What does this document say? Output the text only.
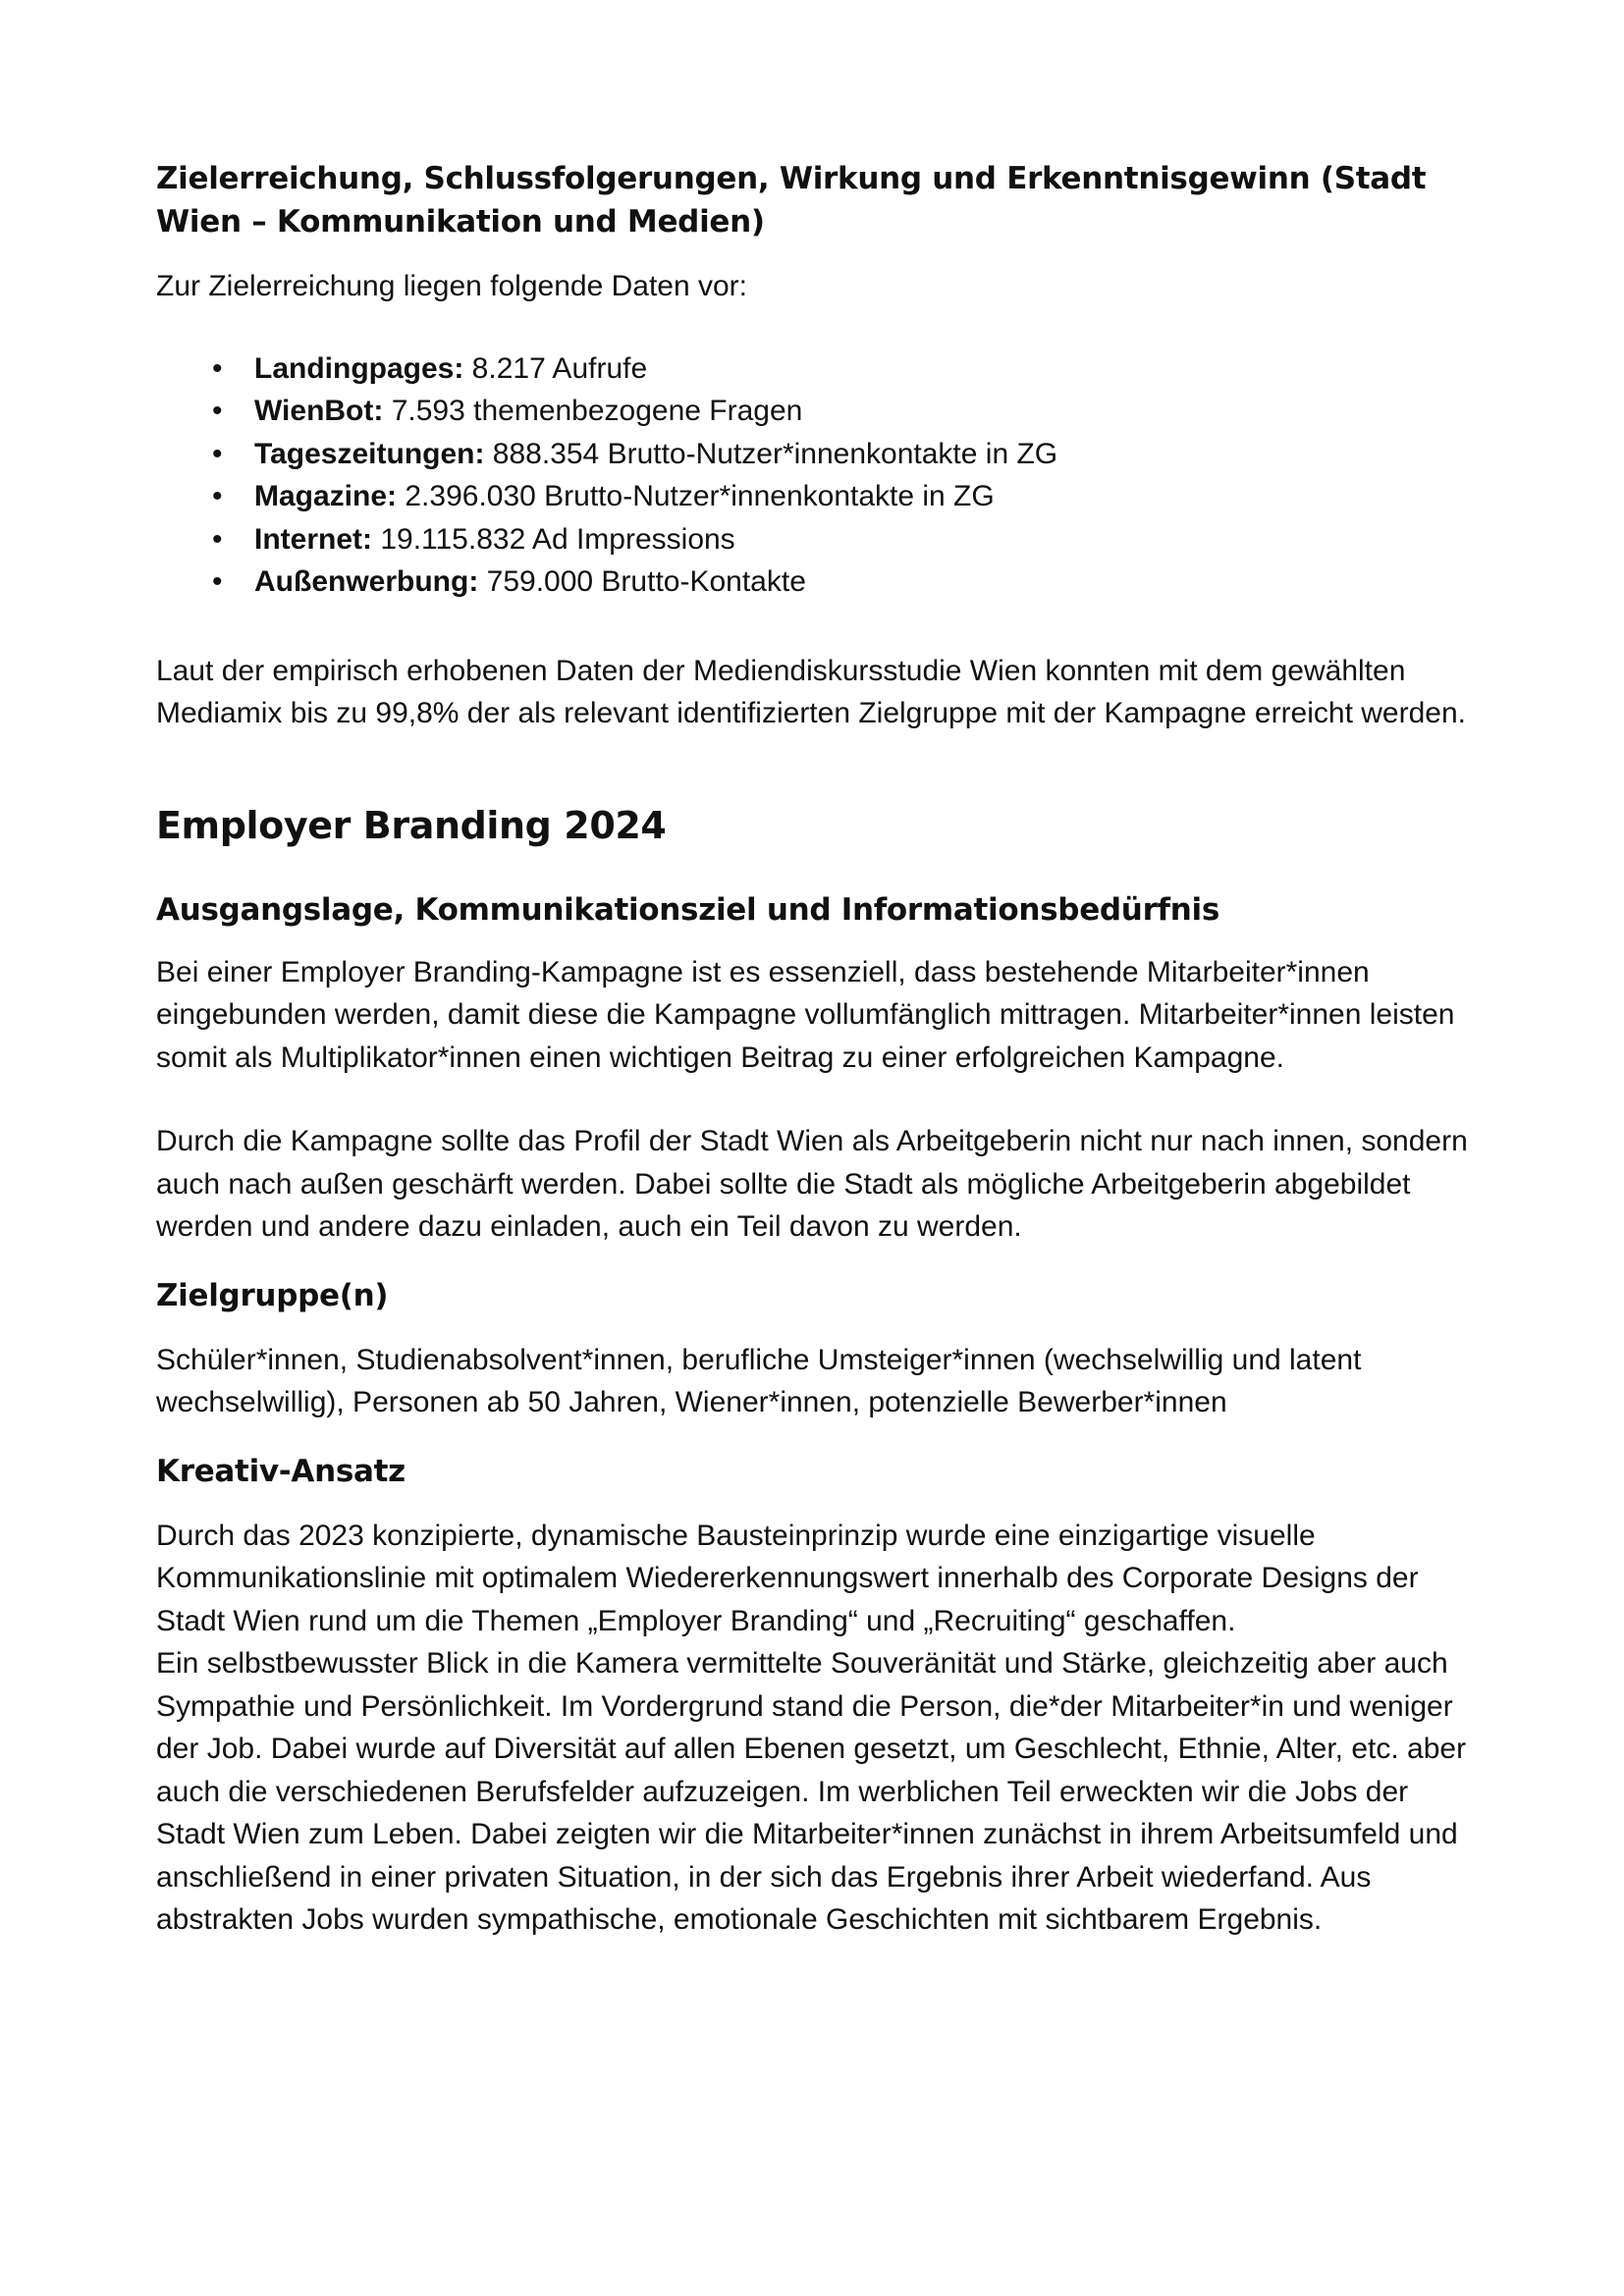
Zielerreichung, Schlussfolgerungen, Wirkung und Erkenntnisgewinn (Stadt Wien – Kommunikation und Medien)

Zur Zielerreichung liegen folgende Daten vor:

• Landingpages: 8.217 Aufrufe
• WienBot: 7.593 themenbezogene Fragen
• Tageszeitungen: 888.354 Brutto-Nutzer*innenkontakte in ZG
• Magazine: 2.396.030 Brutto-Nutzer*innenkontakte in ZG
• Internet: 19.115.832 Ad Impressions
• Außenwerbung: 759.000 Brutto-Kontakte

Laut der empirisch erhobenen Daten der Mediendiskursstudie Wien konnten mit dem gewählten Mediamix bis zu 99,8% der als relevant identifizierten Zielgruppe mit der Kampagne erreicht werden.

Employer Branding 2024
Ausgangslage, Kommunikationsziel und Informationsbedürfnis

Bei einer Employer Branding-Kampagne ist es essenziell, dass bestehende Mitarbeiter*innen eingebunden werden, damit diese die Kampagne vollumfänglich mittragen. Mitarbeiter*innen leisten somit als Multiplikator*innen einen wichtigen Beitrag zu einer erfolgreichen Kampagne.

Durch die Kampagne sollte das Profil der Stadt Wien als Arbeitgeberin nicht nur nach innen, sondern auch nach außen geschärft werden. Dabei sollte die Stadt als mögliche Arbeitgeberin abgebildet werden und andere dazu einladen, auch ein Teil davon zu werden.

Zielgruppe(n)

Schüler*innen, Studienabsolvent*innen, berufliche Umsteiger*innen (wechselwillig und latent wechselwillig), Personen ab 50 Jahren, Wiener*innen, potenzielle Bewerber*innen

Kreativ-Ansatz

Durch das 2023 konzipierte, dynamische Bausteinprinzip wurde eine einzigartige visuelle Kommunikationslinie mit optimalem Wiedererkennungswert innerhalb des Corporate Designs der Stadt Wien rund um die Themen „Employer Branding“ und „Recruiting“ geschaffen.

Ein selbstbewusster Blick in die Kamera vermittelte Souveränität und Stärke, gleichzeitig aber auch Sympathie und Persönlichkeit. Im Vordergrund stand die Person, die*der Mitarbeiter*in und weniger der Job. Dabei wurde auf Diversität auf allen Ebenen gesetzt, um Geschlecht, Ethnie, Alter, etc. aber auch die verschiedenen Berufsfelder aufzuzeigen. Im werblichen Teil erweckten wir die Jobs der Stadt Wien zum Leben. Dabei zeigten wir die Mitarbeiter*innen zunächst in ihrem Arbeitsumfeld und anschließend in einer privaten Situation, in der sich das Ergebnis ihrer Arbeit wiederfand. Aus abstrakten Jobs wurden sympathische, emotionale Geschichten mit sichtbarem Ergebnis.
